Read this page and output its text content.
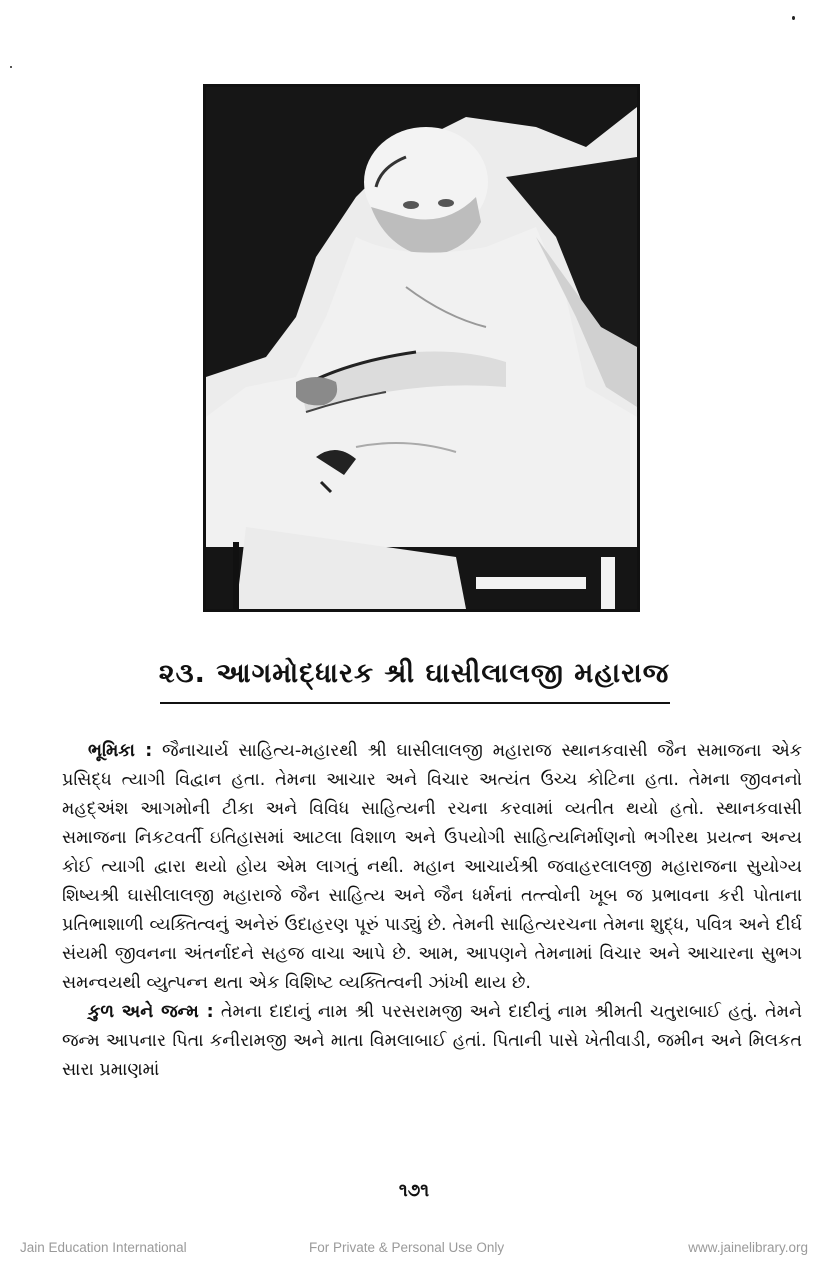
૨૩. આગમોદ્ધારક શ્રી ઘાસીલાલજી મહારાજ

ભૂમિકા : જૈનાચાર્ય સાહિત્ય-મહારથી શ્રી ઘાસીલાલજી મહારાજ સ્થાનકવાસી જૈન સમાજના એક પ્રસિદ્ધ ત્યાગી વિદ્વાન હતા. તેમના આચાર અને વિચાર અત્યંત ઉચ્ચ કોટિના હતા. તેમના જીવનનો મહદ્અંશ આગમોની ટીકા અને વિવિધ સાહિત્યની રચના કરવામાં વ્યતીત થયો હતો. સ્થાનકવાસી સમાજના નિકટવર્તી ઇતિહાસમાં આટલા વિશાળ અને ઉપયોગી સાહિત્યનિર્માણનો ભગીરથ પ્રયત્ન અન્ય કોઈ ત્યાગી દ્વારા થયો હોય એમ લાગતું નથી. મહાન આચાર્યશ્રી જવાહરલાલજી મહારાજના સુયોગ્ય શિષ્યશ્રી ઘાસીલાલજી મહારાજે જૈન સાહિત્ય અને જૈન ધર્મનાં તત્ત્વોની ખૂબ જ પ્રભાવના કરી પોતાના પ્રતિભાશાળી વ્યક્તિત્વનું અનેરું ઉદાહરણ પૂરું પાડ્યું છે. તેમની સાહિત્યરચના તેમના શુદ્ધ, પવિત્ર અને દીર્ઘ સંયમી જીવનના અંતર્નાદને સહજ વાચા આપે છે. આમ, આપણને તેમનામાં વિચાર અને આચારના સુભગ સમન્વયથી વ્યુત્પન્ન થતા એક વિશિષ્ટ વ્યક્તિત્વની ઝાંખી થાય છે.

કુળ અને જન્મ : તેમના દાદાનું નામ શ્રી પરસરામજી અને દાદીનું નામ શ્રીમતી ચતુરાબાઈ હતું. તેમને જન્મ આપનાર પિતા કનીરામજી અને માતા વિમલાબાઈ હતાં. પિતાની પાસે ખેતીવાડી, જમીન અને મિલકત સારા પ્રમાણમાં

૧૭૧
Jain Education International	For Private & Personal Use Only	www.jainelibrary.org
